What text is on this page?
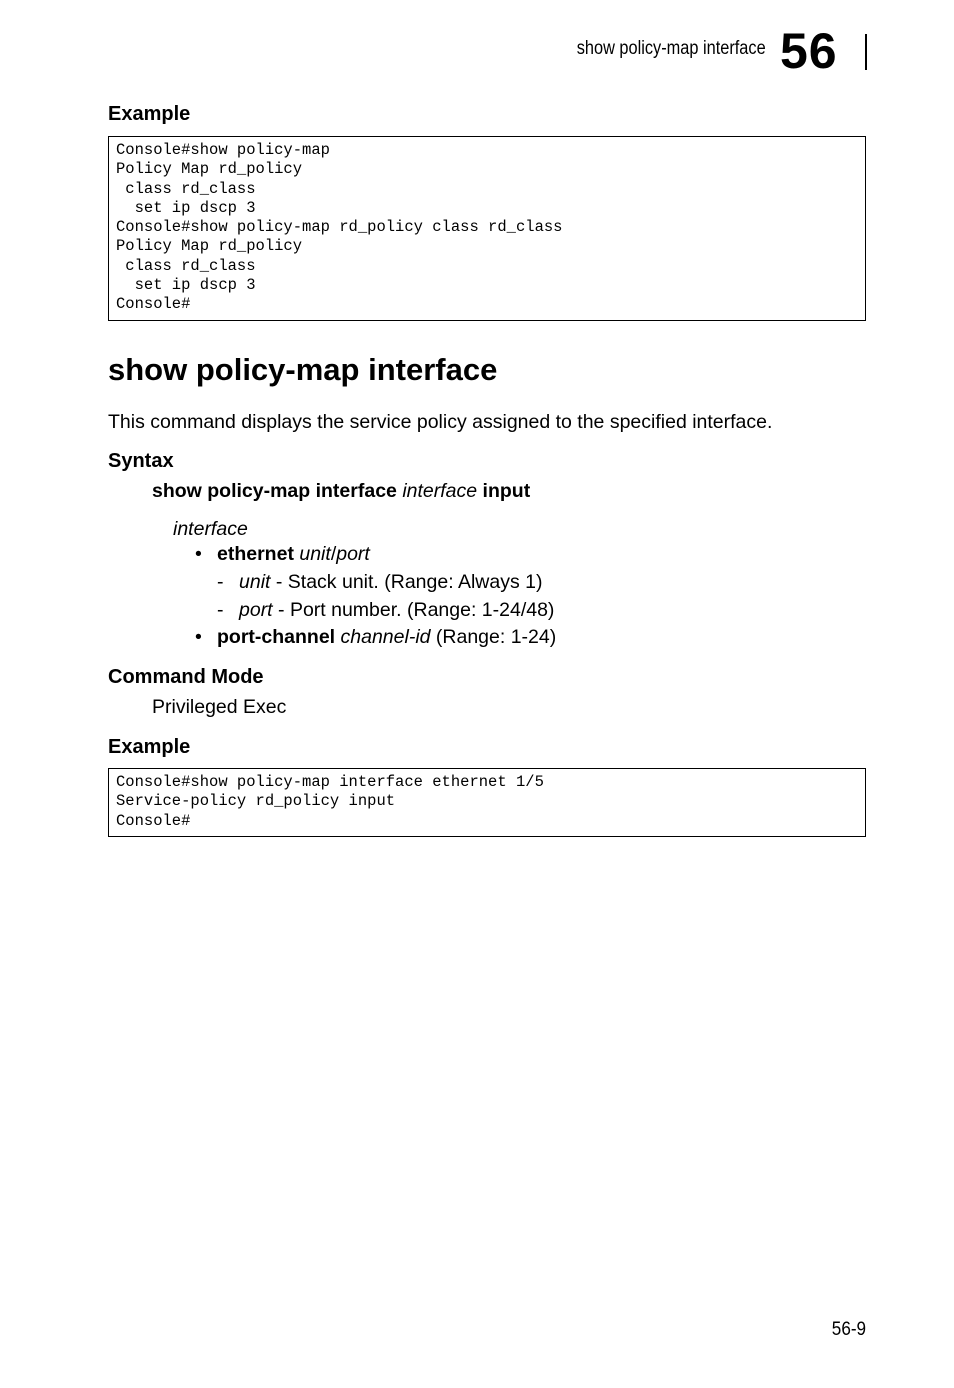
show policy-map interface 56
Example
Console#show policy-map
Policy Map rd_policy
class rd_class
set ip dscp 3
Console#show policy-map rd_policy class rd_class
Policy Map rd_policy
class rd_class
set ip dscp 3
Console#
show policy-map interface
This command displays the service policy assigned to the specified interface.
Syntax
show policy-map interface interface input
interface
• ethernet unit/port
- unit - Stack unit. (Range: Always 1)
- port - Port number. (Range: 1-24/48)
• port-channel channel-id (Range: 1-24)
Command Mode
Privileged Exec
Example
Console#show policy-map interface ethernet 1/5
Service-policy rd_policy input
Console#
56-9
